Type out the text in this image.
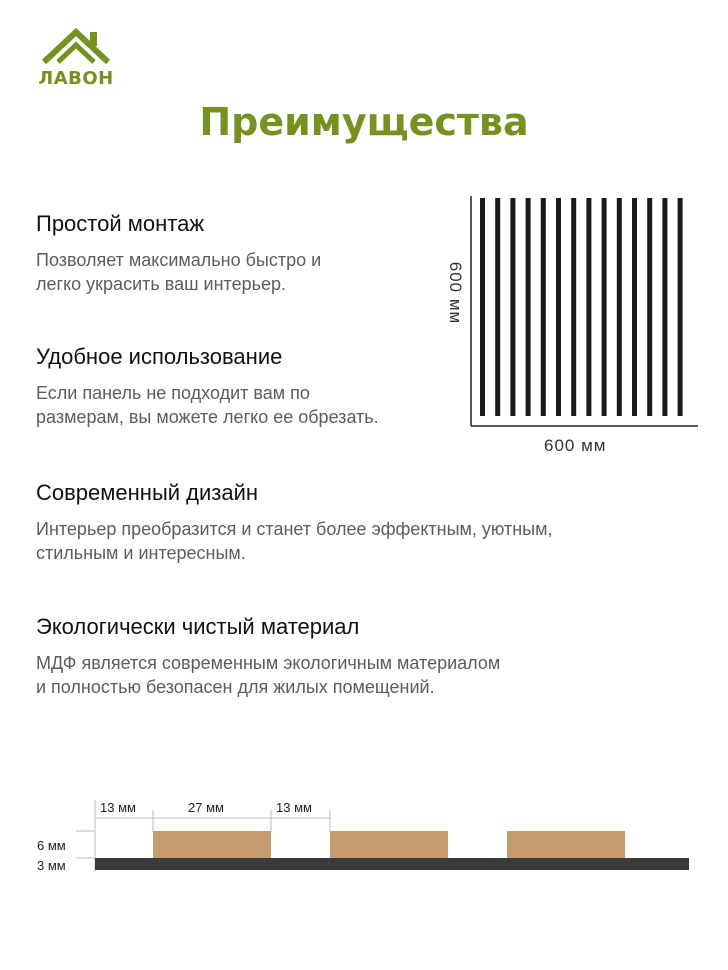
ЛАВОН
Преимущества
Простой монтаж

Позволяет максимально быстро и
легко украсить ваш интерьер.

Удобное использование

Если панель не подходит вам по
размерам, вы можете легко ее обрезать.

Современный дизайн

Интерьер преобразится и станет более эффектным, уютным,
стильным и интересным.

Экологически чистый материал

МДФ является современным экологичным материалом
и полностью безопасен для жилых помещений.

600 мм
600 мм
13 мм	27 мм	13 мм
6 мм
3 мм
